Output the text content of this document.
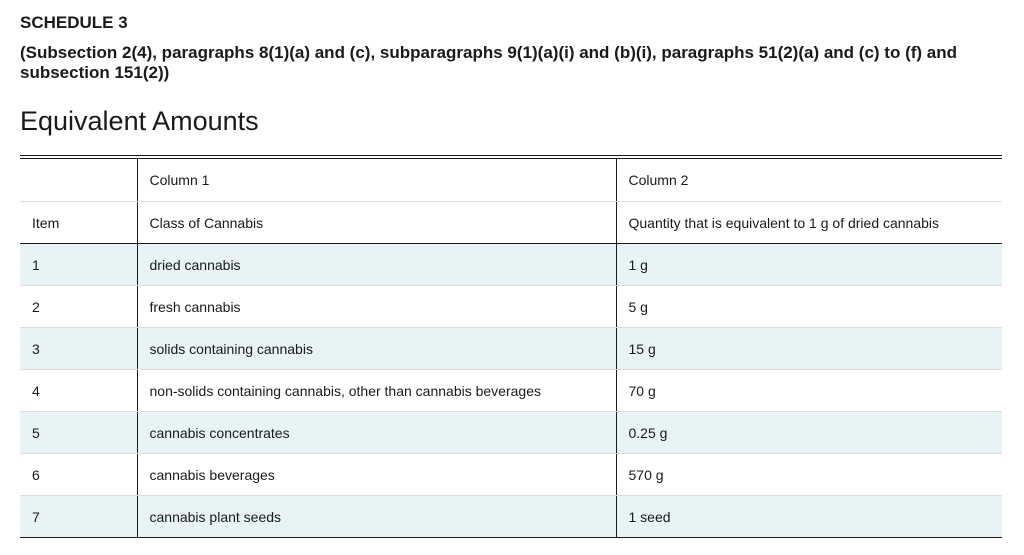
SCHEDULE 3

(Subsection 2(4), paragraphs 8(1)(a) and (c), subparagraphs 9(1)(a)(i) and (b)(i), paragraphs 51(2)(a) and (c) to (f) and subsection 151(2))

Equivalent Amounts
	Column 1	Column 2
Item	Class of Cannabis	Quantity that is equivalent to 1 g of dried cannabis
1	dried cannabis	1 g
2	fresh cannabis	5 g
3	solids containing cannabis	15 g
4	non-solids containing cannabis, other than cannabis beverages	70 g
5	cannabis concentrates	0.25 g
6	cannabis beverages	570 g
7	cannabis plant seeds	1 seed
